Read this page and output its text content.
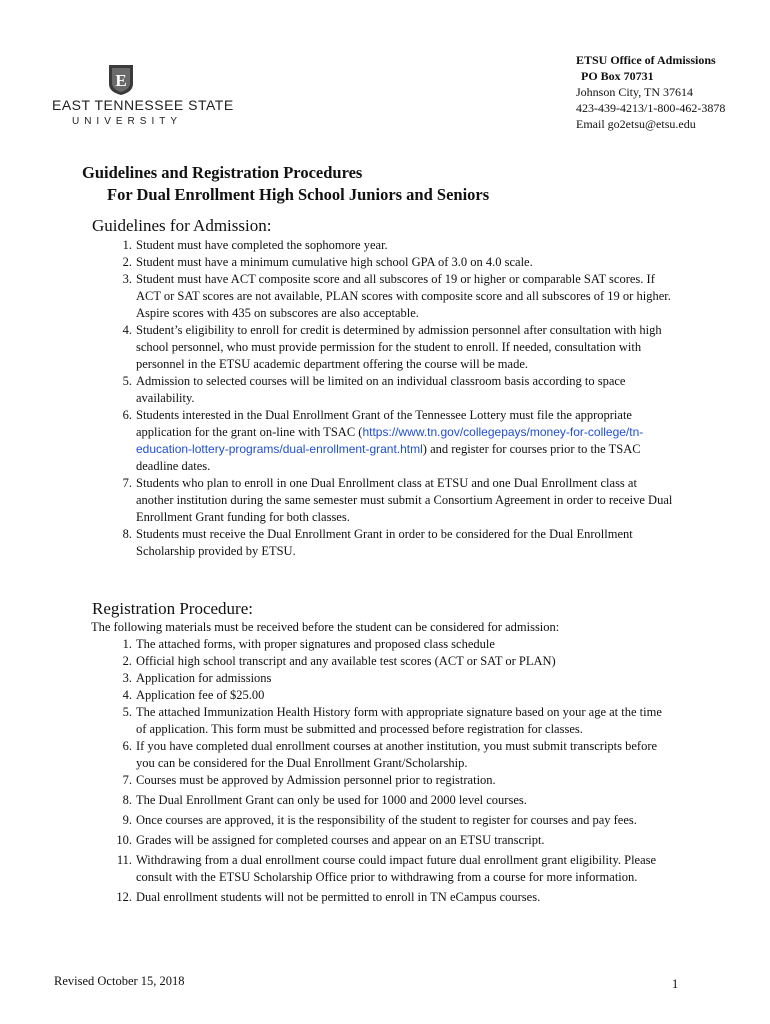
E
EAST TENNESSEE STATE
UNIVERSITY
ETSU Office of Admissions
PO Box 70731
Johnson City, TN 37614
423-439-4213/1-800-462-3878
Email go2etsu@etsu.edu
Guidelines and Registration Procedures
For Dual Enrollment High School Juniors and Seniors
Guidelines for Admission:
1. Student must have completed the sophomore year.
2. Student must have a minimum cumulative high school GPA of 3.0 on 4.0 scale.
3. Student must have ACT composite score and all subscores of 19 or higher or comparable SAT scores. If ACT or SAT scores are not available, PLAN scores with composite score and all subscores of 19 or higher. Aspire scores with 435 on subscores are also acceptable.
4. Student’s eligibility to enroll for credit is determined by admission personnel after consultation with high school personnel, who must provide permission for the student to enroll. If needed, consultation with personnel in the ETSU academic department offering the course will be made.
5. Admission to selected courses will be limited on an individual classroom basis according to space availability.
6. Students interested in the Dual Enrollment Grant of the Tennessee Lottery must file the appropriate application for the grant on-line with TSAC (https://www.tn.gov/collegepays/money-for-college/tn-education-lottery-programs/dual-enrollment-grant.html) and register for courses prior to the TSAC deadline dates.
7. Students who plan to enroll in one Dual Enrollment class at ETSU and one Dual Enrollment class at another institution during the same semester must submit a Consortium Agreement in order to receive Dual Enrollment Grant funding for both classes.
8. Students must receive the Dual Enrollment Grant in order to be considered for the Dual Enrollment Scholarship provided by ETSU.
Registration Procedure:
The following materials must be received before the student can be considered for admission:
1. The attached forms, with proper signatures and proposed class schedule
2. Official high school transcript and any available test scores (ACT or SAT or PLAN)
3. Application for admissions
4. Application fee of $25.00
5. The attached Immunization Health History form with appropriate signature based on your age at the time of application. This form must be submitted and processed before registration for classes.
6. If you have completed dual enrollment courses at another institution, you must submit transcripts before you can be considered for the Dual Enrollment Grant/Scholarship.
7. Courses must be approved by Admission personnel prior to registration.
8. The Dual Enrollment Grant can only be used for 1000 and 2000 level courses.
9. Once courses are approved, it is the responsibility of the student to register for courses and pay fees.
10. Grades will be assigned for completed courses and appear on an ETSU transcript.
11. Withdrawing from a dual enrollment course could impact future dual enrollment grant eligibility. Please consult with the ETSU Scholarship Office prior to withdrawing from a course for more information.
12. Dual enrollment students will not be permitted to enroll in TN eCampus courses.
Revised October 15, 2018	1
